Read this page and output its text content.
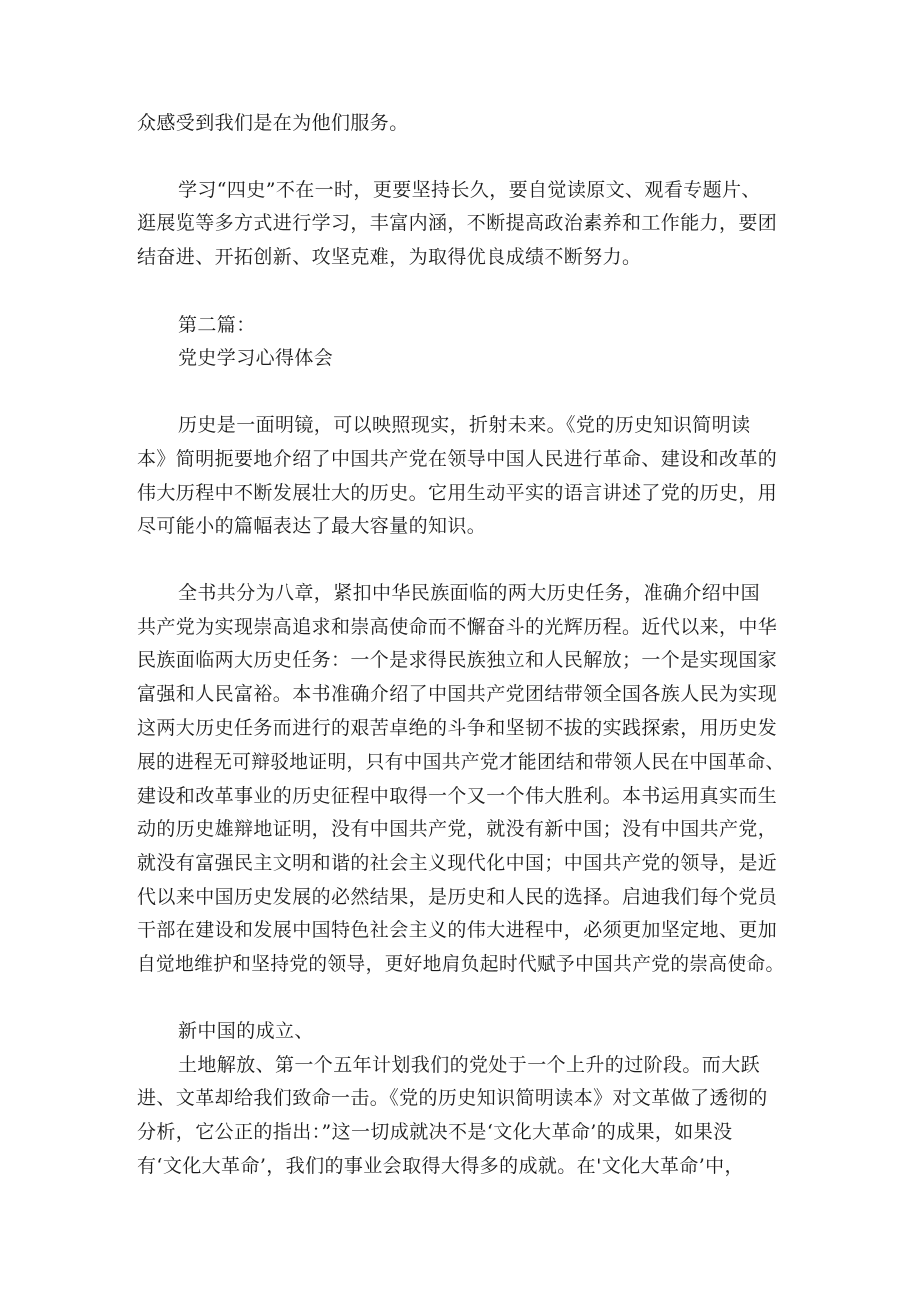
众感受到我们是在为他们服务。
学习“四史”不在一时，更要坚持长久，要自觉读原文、观看专题片、
逛展览等多方式进行学习，丰富内涵，不断提高政治素养和工作能力，要团
结奋进、开拓创新、攻坚克难，为取得优良成绩不断努力。
第二篇：
党史学习心得体会
历史是一面明镜，可以映照现实，折射未来。《党的历史知识简明读
本》简明扼要地介绍了中国共产党在领导中国人民进行革命、建设和改革的
伟大历程中不断发展壮大的历史。它用生动平实的语言讲述了党的历史，用
尽可能小的篇幅表达了最大容量的知识。
全书共分为八章，紧扣中华民族面临的两大历史任务，准确介绍中国
共产党为实现崇高追求和崇高使命而不懈奋斗的光辉历程。近代以来，中华
民族面临两大历史任务：一个是求得民族独立和人民解放；一个是实现国家
富强和人民富裕。本书准确介绍了中国共产党团结带领全国各族人民为实现
这两大历史任务而进行的艰苦卓绝的斗争和坚韧不拔的实践探索，用历史发
展的进程无可辩驳地证明，只有中国共产党才能团结和带领人民在中国革命、
建设和改革事业的历史征程中取得一个又一个伟大胜利。本书运用真实而生
动的历史雄辩地证明，没有中国共产党，就没有新中国；没有中国共产党，
就没有富强民主文明和谐的社会主义现代化中国；中国共产党的领导，是近
代以来中国历史发展的必然结果，是历史和人民的选择。启迪我们每个党员
干部在建设和发展中国特色社会主义的伟大进程中，必须更加坚定地、更加
自觉地维护和坚持党的领导，更好地肩负起时代赋予中国共产党的崇高使命。
新中国的成立、
土地解放、第一个五年计划我们的党处于一个上升的过阶段。而大跃
进、文革却给我们致命一击。《党的历史知识简明读本》对文革做了透彻的
分析，它公正的指出：”这一切成就决不是‘文化大革命’的成果，如果没
有‘文化大革命’，我们的事业会取得大得多的成就。在'文化大革命’中，
